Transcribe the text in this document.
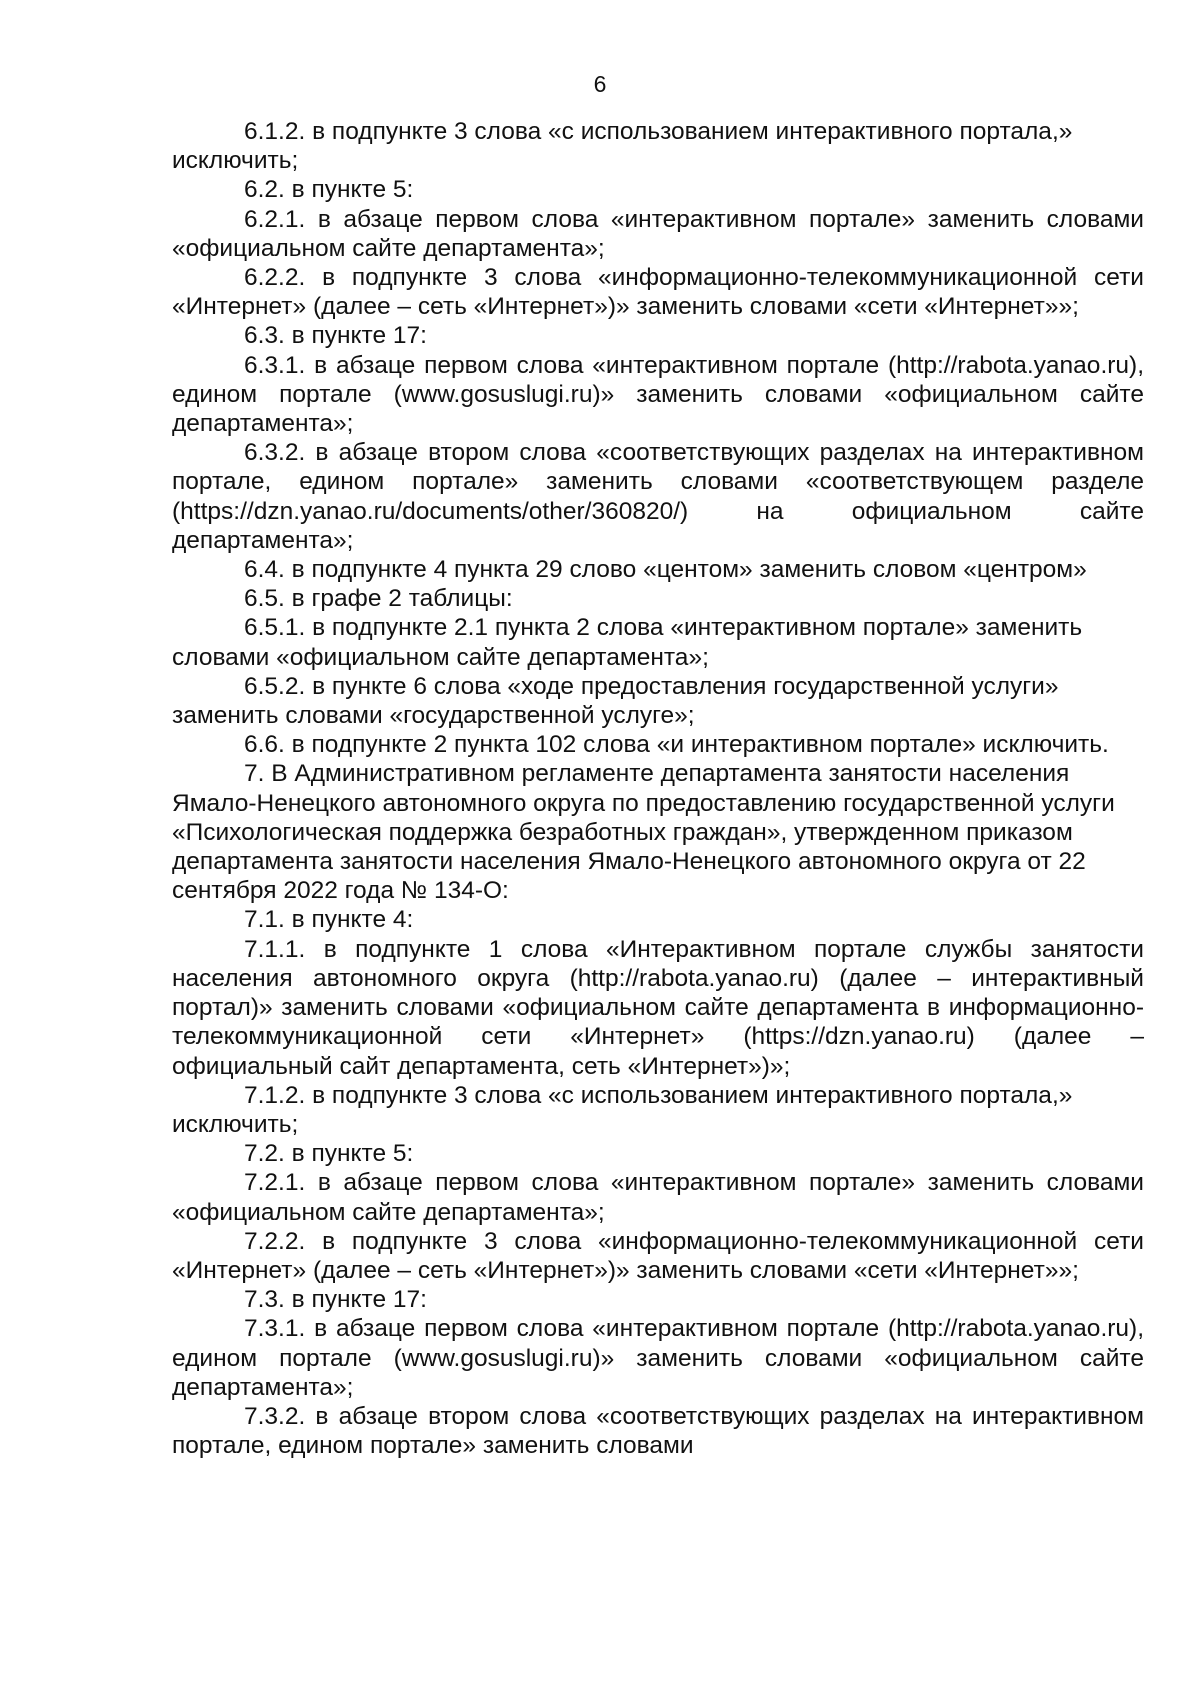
6

6.1.2. в подпункте 3 слова «с использованием интерактивного портала,» исключить;

6.2. в пункте 5:

6.2.1. в абзаце первом слова «интерактивном портале» заменить словами «официальном сайте департамента»;

6.2.2. в подпункте 3 слова «информационно-телекоммуникационной сети «Интернет» (далее – сеть «Интернет»)» заменить словами «сети «Интернет»»;

6.3. в пункте 17:

6.3.1. в абзаце первом слова «интерактивном портале (http://rabota.yanao.ru), едином портале (www.gosuslugi.ru)» заменить словами «официальном сайте департамента»;

6.3.2. в абзаце втором слова «соответствующих разделах на интерактивном портале, едином портале» заменить словами «соответствующем разделе (https://dzn.yanao.ru/documents/other/360820/) на официальном сайте департамента»;

6.4. в подпункте 4 пункта 29 слово «центом» заменить словом «центром»

6.5. в графе 2 таблицы:

6.5.1. в подпункте 2.1 пункта 2 слова «интерактивном портале» заменить словами «официальном сайте департамента»;

6.5.2. в пункте 6 слова «ходе предоставления государственной услуги» заменить словами «государственной услуге»;

6.6. в подпункте 2 пункта 102 слова «и интерактивном портале» исключить.

7. В Административном регламенте департамента занятости населения Ямало-Ненецкого автономного округа по предоставлению государственной услуги «Психологическая поддержка безработных граждан», утвержденном приказом департамента занятости населения Ямало-Ненецкого автономного округа от 22 сентября 2022 года № 134-О:

7.1. в пункте 4:

7.1.1. в подпункте 1 слова «Интерактивном портале службы занятости населения автономного округа (http://rabota.yanao.ru) (далее – интерактивный портал)» заменить словами «официальном сайте департамента в информационно-телекоммуникационной сети «Интернет» (https://dzn.yanao.ru) (далее – официальный сайт департамента, сеть «Интернет»)»;

7.1.2. в подпункте 3 слова «с использованием интерактивного портала,» исключить;

7.2. в пункте 5:

7.2.1. в абзаце первом слова «интерактивном портале» заменить словами «официальном сайте департамента»;

7.2.2. в подпункте 3 слова «информационно-телекоммуникационной сети «Интернет» (далее – сеть «Интернет»)» заменить словами «сети «Интернет»»;

7.3. в пункте 17:

7.3.1. в абзаце первом слова «интерактивном портале (http://rabota.yanao.ru), едином портале (www.gosuslugi.ru)» заменить словами «официальном сайте департамента»;

7.3.2. в абзаце втором слова «соответствующих разделах на интерактивном портале, едином портале» заменить словами
